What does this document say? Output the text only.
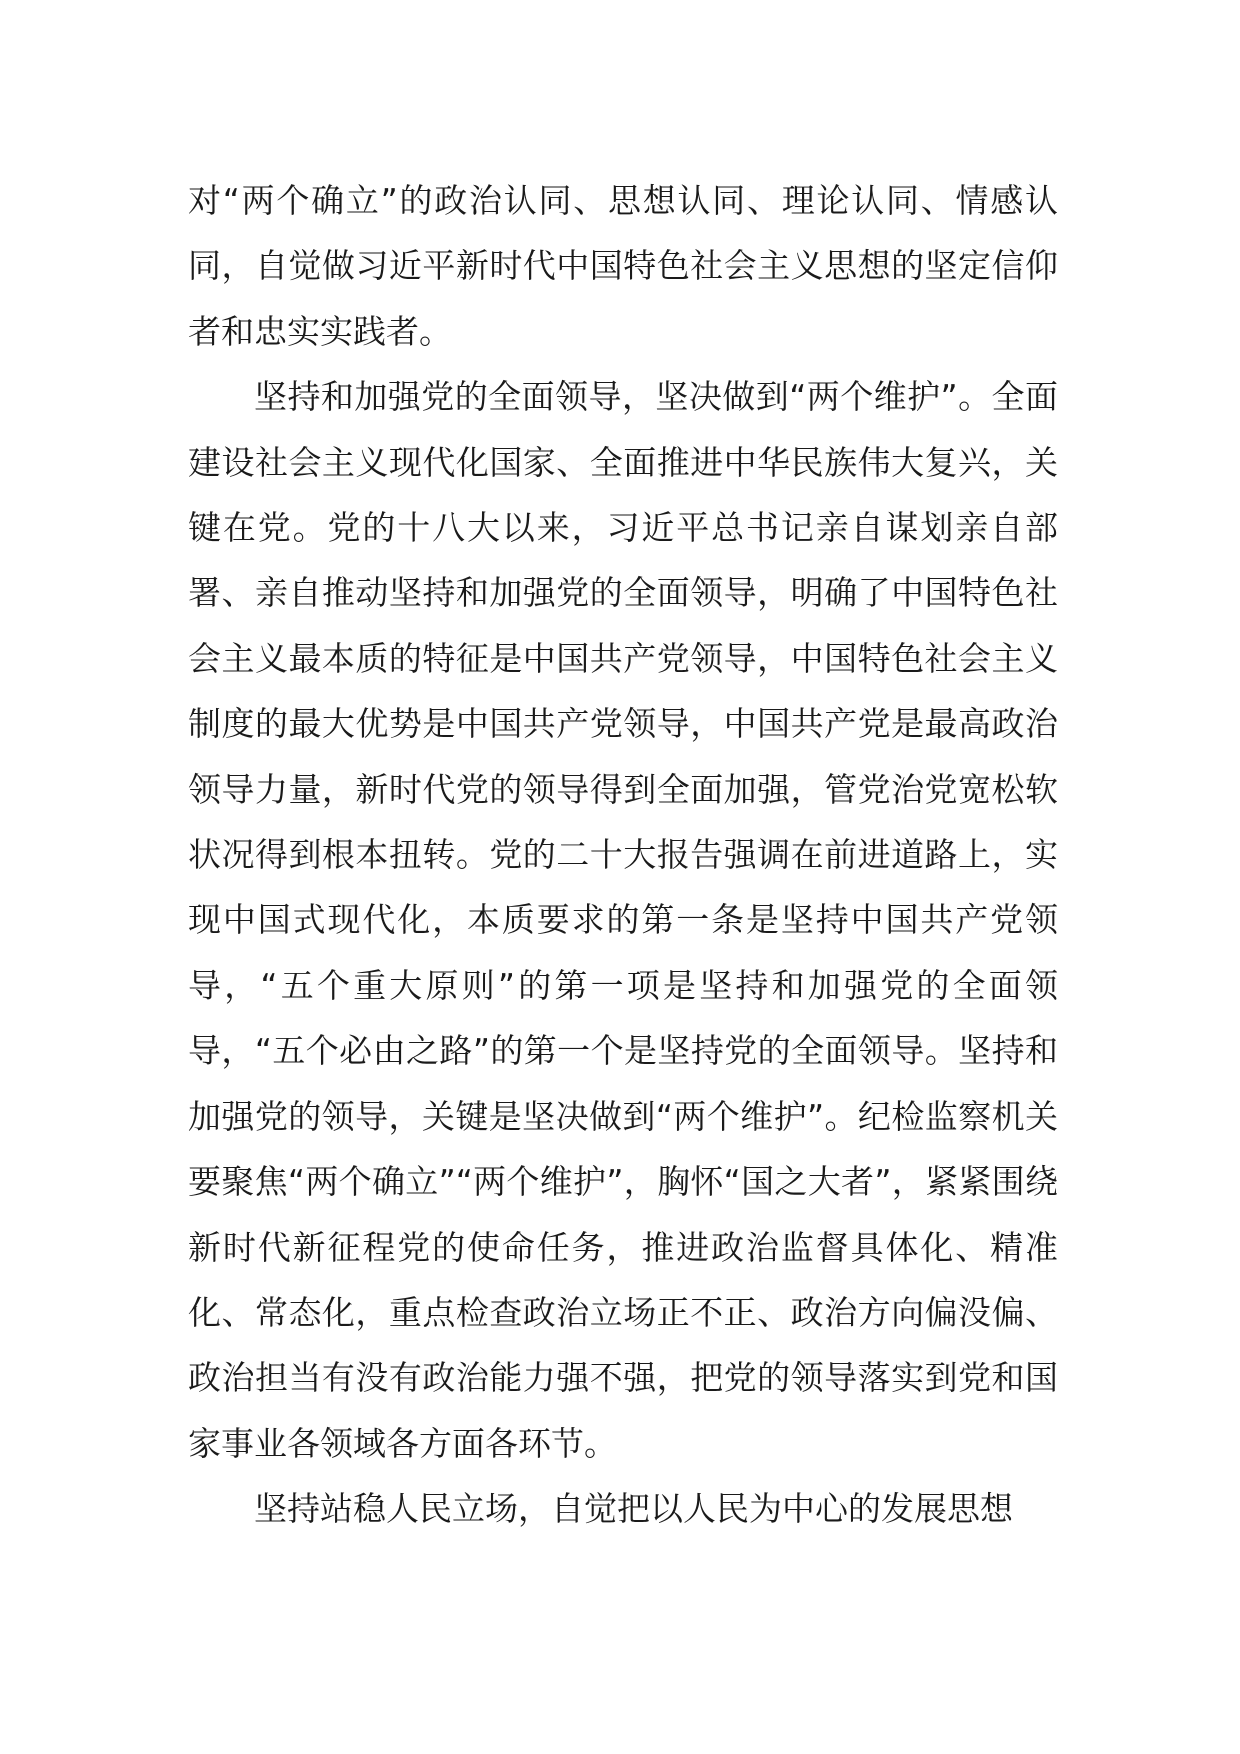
对“两个确立”的政治认同、思想认同、理论认同、情感认同，自觉做习近平新时代中国特色社会主义思想的坚定信仰者和忠实实践者。

坚持和加强党的全面领导，坚决做到“两个维护”。全面建设社会主义现代化国家、全面推进中华民族伟大复兴，关键在党。党的十八大以来，习近平总书记亲自谋划亲自部署、亲自推动坚持和加强党的全面领导，明确了中国特色社会主义最本质的特征是中国共产党领导，中国特色社会主义制度的最大优势是中国共产党领导，中国共产党是最高政治领导力量，新时代党的领导得到全面加强，管党治党宽松软状况得到根本扭转。党的二十大报告强调在前进道路上，实现中国式现代化，本质要求的第一条是坚持中国共产党领导，“五个重大原则”的第一项是坚持和加强党的全面领导，“五个必由之路”的第一个是坚持党的全面领导。坚持和加强党的领导，关键是坚决做到“两个维护”。纪检监察机关要聚焦“两个确立”“两个维护”，胸怀“国之大者”，紧紧围绕新时代新征程党的使命任务，推进政治监督具体化、精准化、常态化，重点检查政治立场正不正、政治方向偏没偏、政治担当有没有政治能力强不强，把党的领导落实到党和国家事业各领域各方面各环节。

坚持站稳人民立场，自觉把以人民为中心的发展思想
